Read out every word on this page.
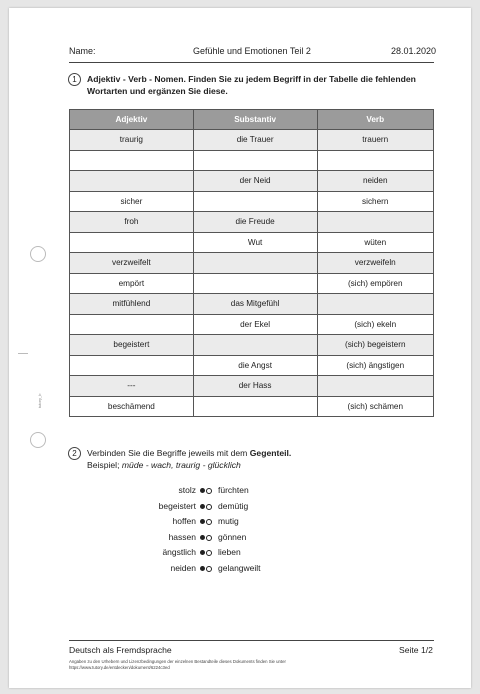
tutory_b
Name:	Gefühle und Emotionen Teil 2	28.01.2020
1	Adjektiv - Verb - Nomen. Finden Sie zu jedem Begriff in der Tabelle die fehlenden
Wortarten und ergänzen Sie diese.
Adjektiv	Substantiv	Verb
traurig	die Trauer	trauern

	der Neid	neiden
sicher		sichern
froh	die Freude	
	Wut	wüten
verzweifelt		verzweifeln
empört		(sich) empören
mitfühlend	das Mitgefühl	
	der Ekel	(sich) ekeln
begeistert		(sich) begeistern
	die Angst	(sich) ängstigen
---	der Hass	
beschämend		(sich) schämen
2	Verbinden Sie die Begriffe jeweils mit dem Gegenteil.
Beispiel; müde - wach, traurig - glücklich
stolz	fürchten
begeistert	demütig
hoffen	mutig
hassen	gönnen
ängstlich	lieben
neiden	gelangweilt
Deutsch als Fremdsprache	Seite 1/2
Angaben zu den Urhebern und Lizenzbedingungen der einzelnen Bestandteile dieses Dokuments finden Sie unter
https://www.tutory.de/entdecken/dokument/6224c3ed
